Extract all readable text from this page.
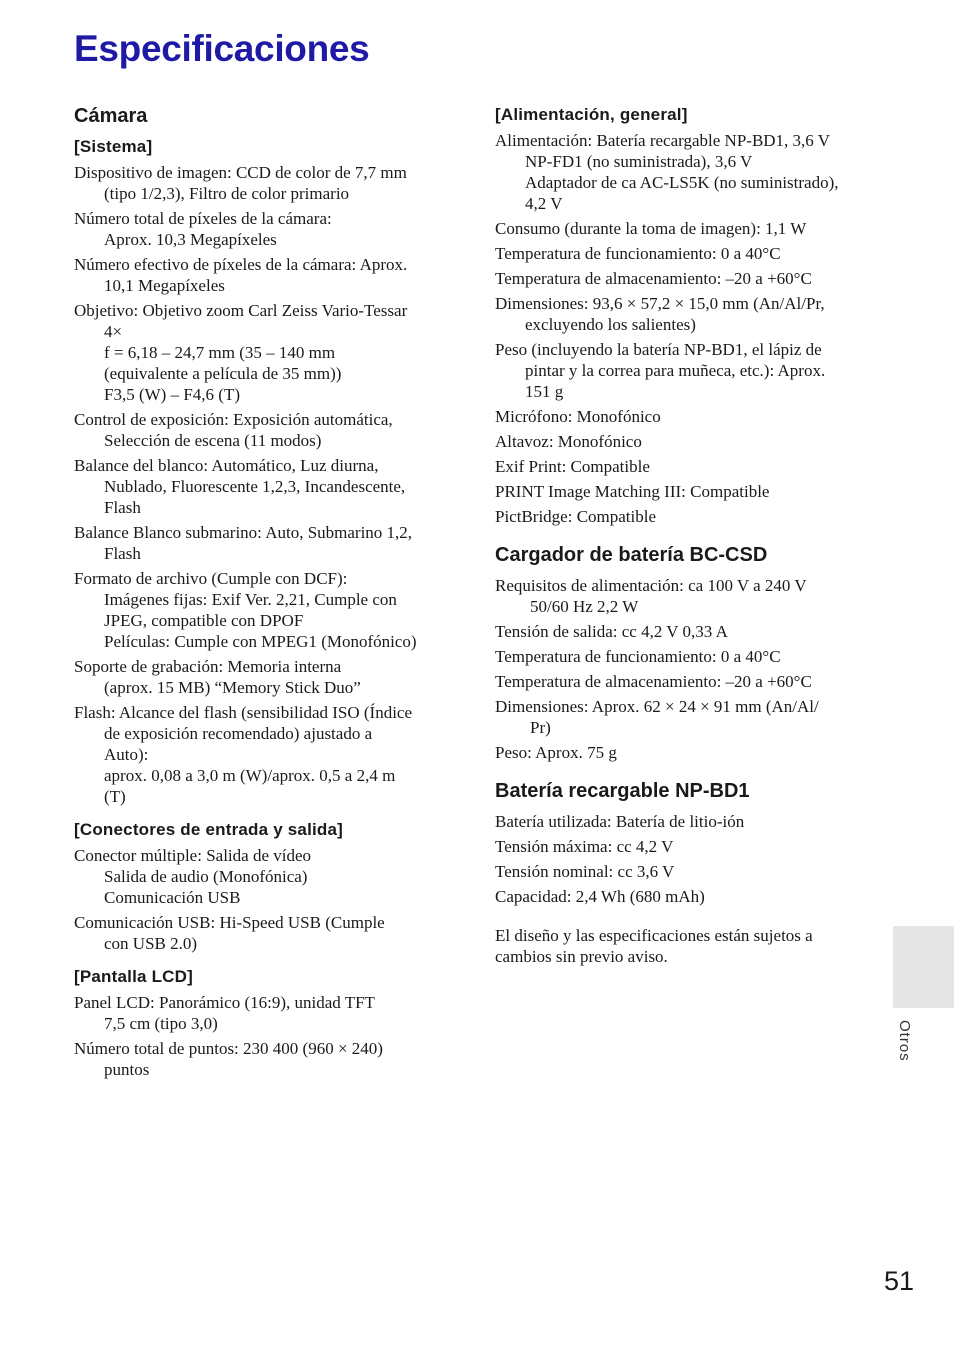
Especificaciones
Cámara
[Sistema]
Dispositivo de imagen: CCD de color de 7,7 mm
(tipo 1/2,3), Filtro de color primario
Número total de píxeles de la cámara:
Aprox. 10,3 Megapíxeles
Número efectivo de píxeles de la cámara: Aprox.
10,1 Megapíxeles
Objetivo: Objetivo zoom Carl Zeiss Vario-Tessar
4×
f = 6,18 – 24,7 mm (35 – 140 mm
(equivalente a película de 35 mm))
F3,5 (W) – F4,6 (T)
Control de exposición: Exposición automática,
Selección de escena (11 modos)
Balance del blanco: Automático, Luz diurna,
Nublado, Fluorescente 1,2,3, Incandescente,
Flash
Balance Blanco submarino: Auto, Submarino 1,2,
Flash
Formato de archivo (Cumple con DCF):
Imágenes fijas: Exif Ver. 2,21, Cumple con
JPEG, compatible con DPOF
Películas: Cumple con MPEG1 (Monofónico)
Soporte de grabación: Memoria interna
(aprox. 15 MB) “Memory Stick Duo”
Flash: Alcance del flash (sensibilidad ISO (Índice
de exposición recomendado) ajustado a
Auto):
aprox. 0,08 a 3,0 m (W)/aprox. 0,5 a 2,4 m
(T)
[Conectores de entrada y salida]
Conector múltiple: Salida de vídeo
Salida de audio (Monofónica)
Comunicación USB
Comunicación USB: Hi-Speed USB (Cumple
con USB 2.0)
[Pantalla LCD]
Panel LCD: Panorámico (16:9), unidad TFT
7,5 cm (tipo 3,0)
Número total de puntos: 230 400 (960 × 240)
puntos
[Alimentación, general]
Alimentación: Batería recargable NP-BD1, 3,6 V
NP-FD1 (no suministrada), 3,6 V
Adaptador de ca AC-LS5K (no suministrado),
4,2 V
Consumo (durante la toma de imagen): 1,1 W
Temperatura de funcionamiento: 0 a 40°C
Temperatura de almacenamiento: –20 a +60°C
Dimensiones: 93,6 × 57,2 × 15,0 mm (An/Al/Pr,
excluyendo los salientes)
Peso (incluyendo la batería NP-BD1, el lápiz de
pintar y la correa para muñeca, etc.): Aprox.
151 g
Micrófono: Monofónico
Altavoz: Monofónico
Exif Print: Compatible
PRINT Image Matching III: Compatible
PictBridge: Compatible
Cargador de batería BC-CSD
Requisitos de alimentación: ca 100 V a 240 V
50/60 Hz 2,2 W
Tensión de salida: cc 4,2 V 0,33 A
Temperatura de funcionamiento: 0 a 40°C
Temperatura de almacenamiento: –20 a +60°C
Dimensiones: Aprox. 62 × 24 × 91 mm (An/Al/
Pr)
Peso: Aprox. 75 g
Batería recargable NP-BD1
Batería utilizada: Batería de litio-ión
Tensión máxima: cc 4,2 V
Tensión nominal: cc 3,6 V
Capacidad: 2,4 Wh (680 mAh)
El diseño y las especificaciones están sujetos a cambios sin previo aviso.
Otros
51
